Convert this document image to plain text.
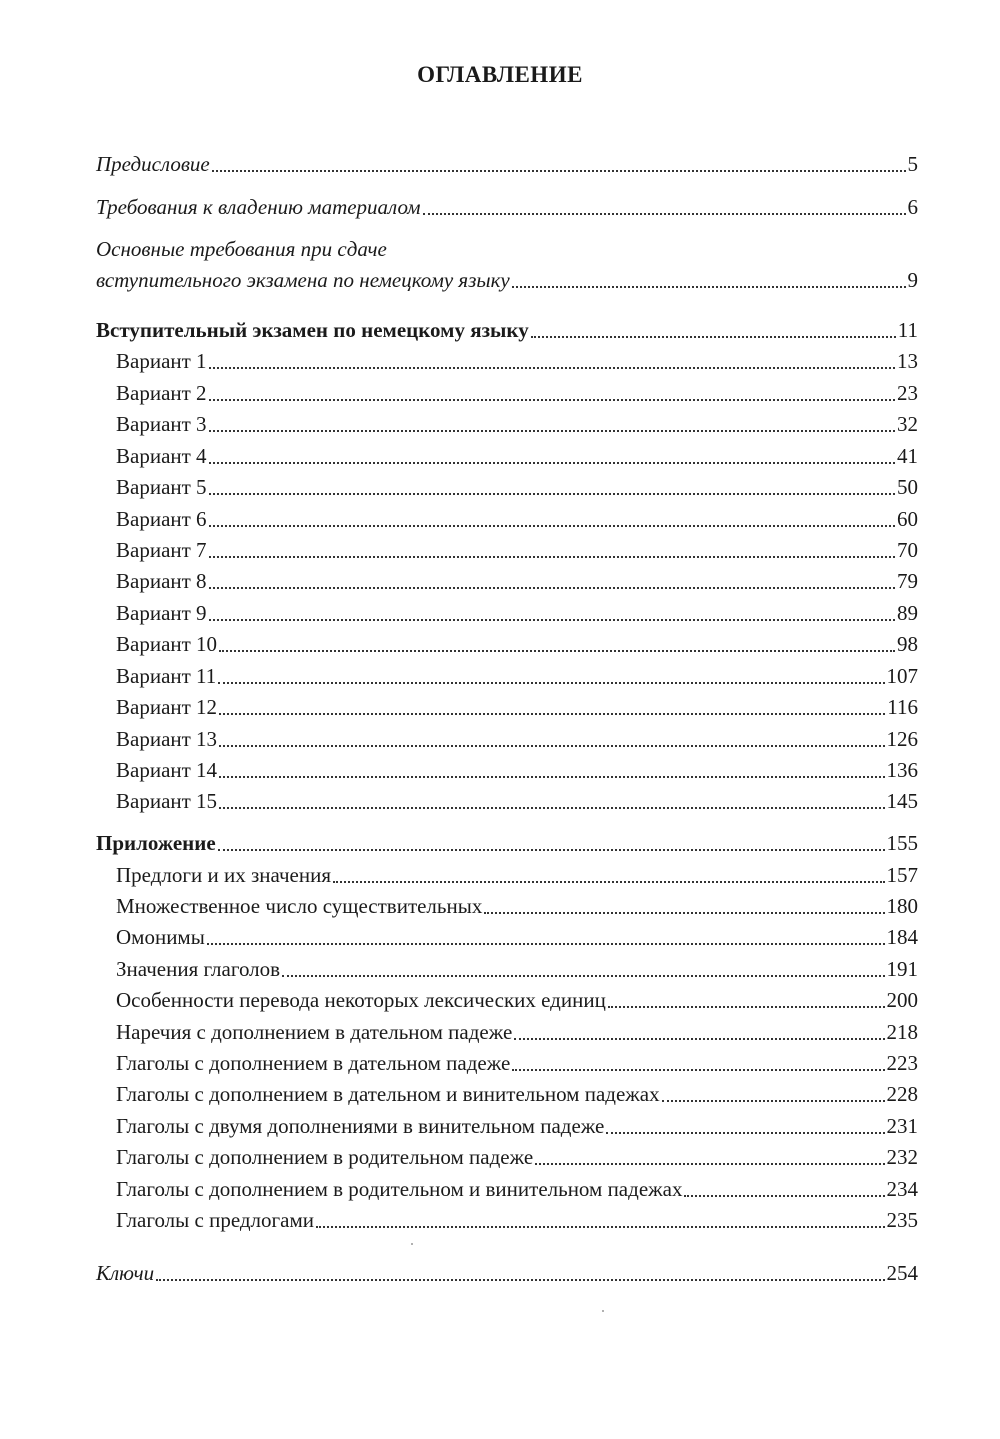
ОГЛАВЛЕНИЕ
Предисловие	5
Требования к владению материалом	6
Основные требования при сдаче
вступительного экзамена по немецкому языку	9
Вступительный экзамен по немецкому языку	11
Вариант 1	13
Вариант 2	23
Вариант 3	32
Вариант 4	41
Вариант 5	50
Вариант 6	60
Вариант 7	70
Вариант 8	79
Вариант 9	89
Вариант 10	98
Вариант 11	107
Вариант 12	116
Вариант 13	126
Вариант 14	136
Вариант 15	145
Приложение	155
Предлоги и их значения	157
Множественное число существительных	180
Омонимы	184
Значения глаголов	191
Особенности перевода некоторых лексических единиц	200
Наречия с дополнением в дательном падеже	218
Глаголы с дополнением в дательном падеже	223
Глаголы с дополнением в дательном и винительном падежах	228
Глаголы с двумя дополнениями в винительном падеже	231
Глаголы с дополнением в родительном падеже	232
Глаголы с дополнением в родительном и винительном падежах	234
Глаголы с предлогами	235
Ключи	254
